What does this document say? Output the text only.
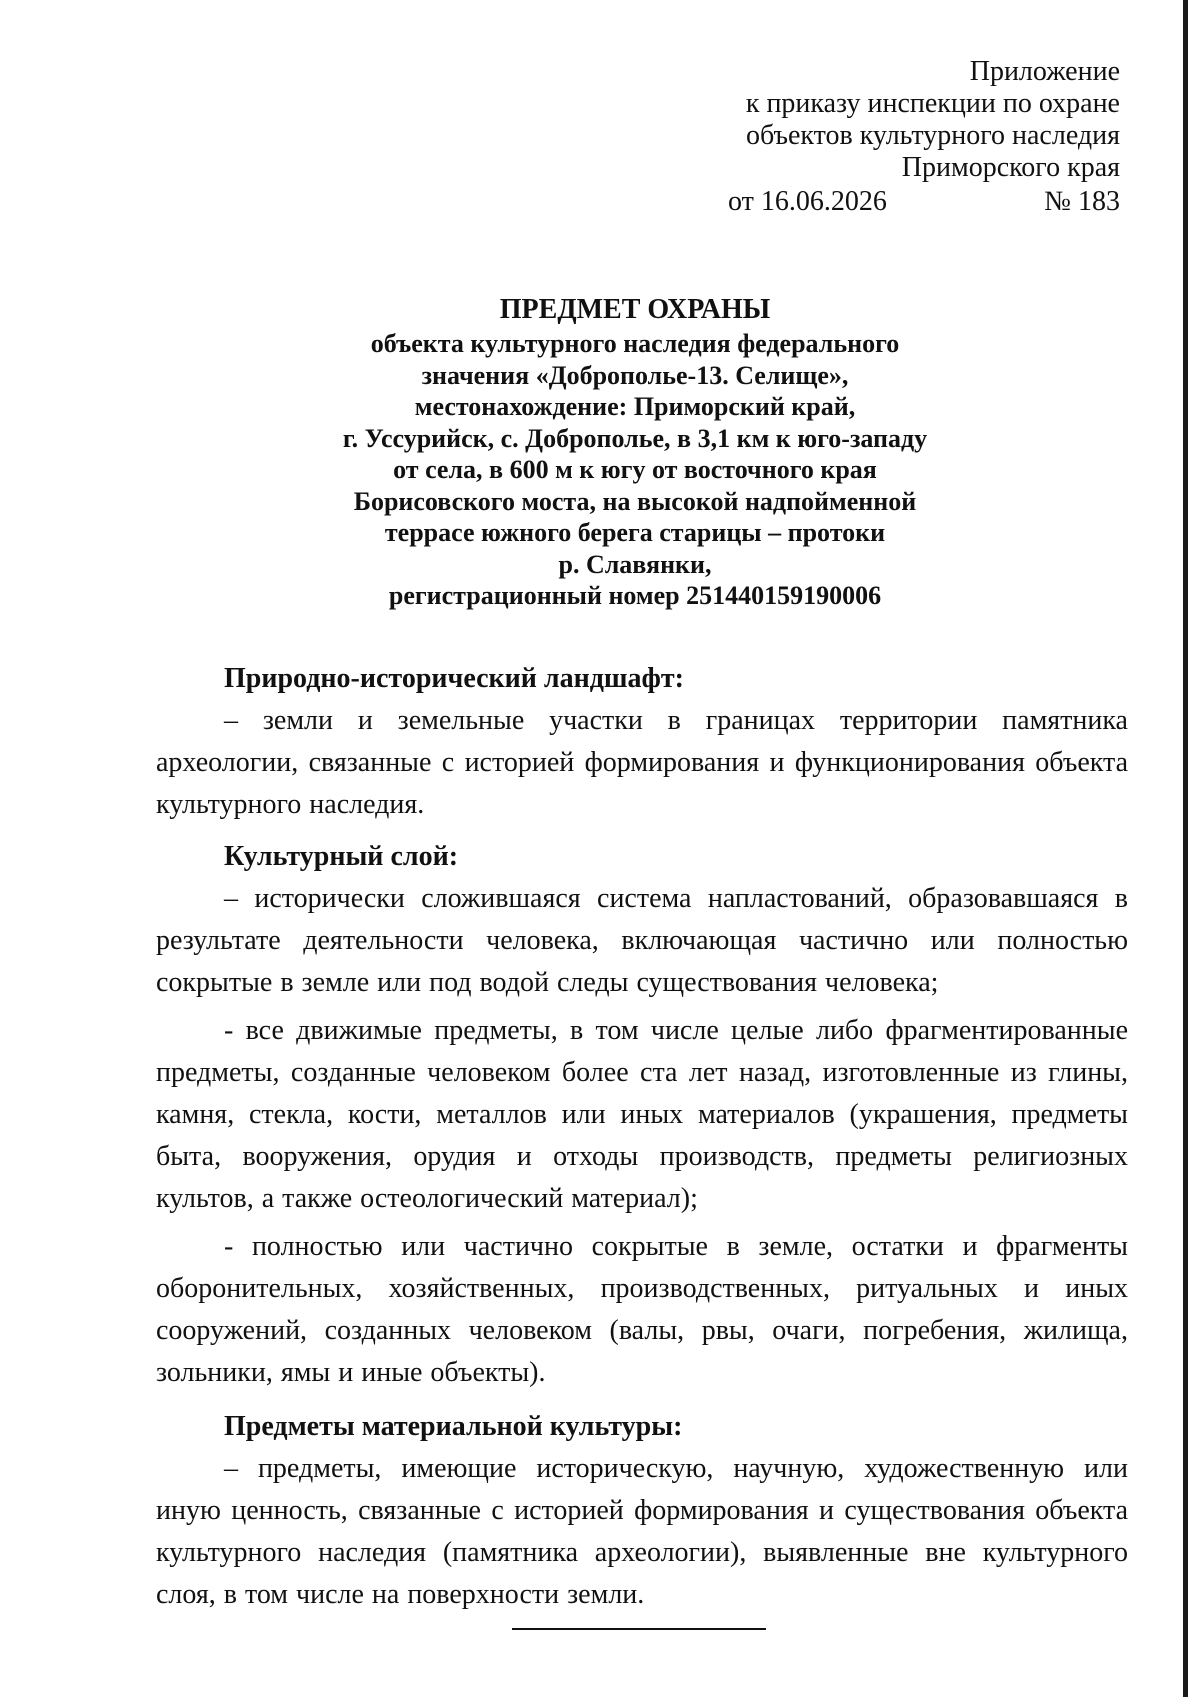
Приложение
к приказу инспекции по охране
объектов культурного наследия
Приморского края
от 16.06.2026	№ 183
ПРЕДМЕТ ОХРАНЫ
объекта культурного наследия федерального
значения «Доброполье-13. Селище»,
местонахождение: Приморский край,
г. Уссурийск, с. Доброполье, в 3,1 км к юго-западу
от села, в 600 м к югу от восточного края
Борисовского моста, на высокой надпойменной
террасе южного берега старицы – протоки
р. Славянки,
регистрационный номер 251440159190006
Природно-исторический ландшафт:

– земли и земельные участки в границах территории памятника археологии, связанные с историей формирования и функционирования объекта культурного наследия.

Культурный слой:

– исторически сложившаяся система напластований, образовавшаяся в результате деятельности человека, включающая частично или полностью сокрытые в земле или под водой следы существования человека;

- все движимые предметы, в том числе целые либо фрагментированные предметы, созданные человеком более ста лет назад, изготовленные из глины, камня, стекла, кости, металлов или иных материалов (украшения, предметы быта, вооружения, орудия и отходы производств, предметы религиозных культов, а также остеологический материал);

- полностью или частично сокрытые в земле, остатки и фрагменты оборонительных, хозяйственных, производственных, ритуальных и иных сооружений, созданных человеком (валы, рвы, очаги, погребения, жилища, зольники, ямы и иные объекты).

Предметы материальной культуры:

– предметы, имеющие историческую, научную, художественную или иную ценность, связанные с историей формирования и существования объекта культурного наследия (памятника археологии), выявленные вне культурного слоя, в том числе на поверхности земли.
